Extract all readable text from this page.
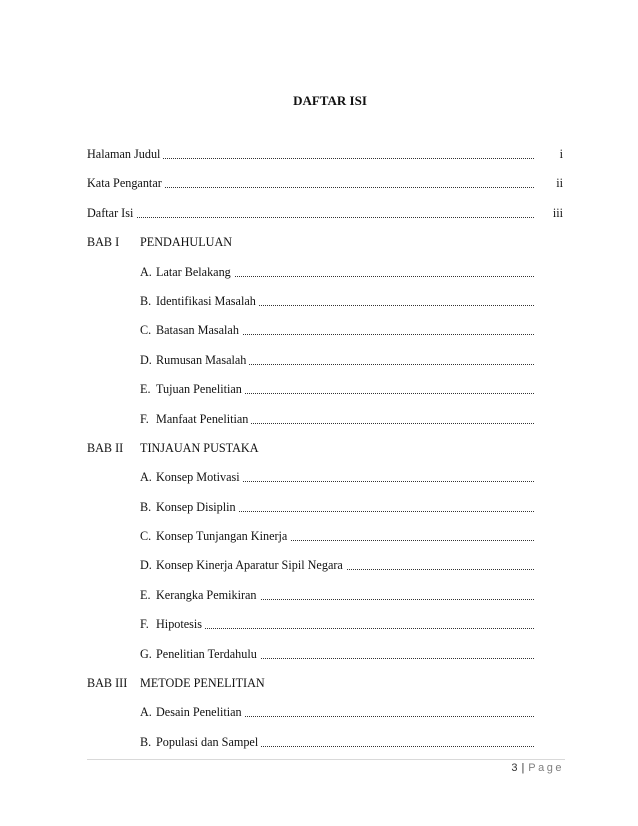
DAFTAR ISI
Halaman Judul	i
Kata Pengantar	ii
Daftar Isi	iii
BAB I PENDAHULUAN
A. Latar Belakang
B. Identifikasi Masalah
C. Batasan Masalah
D. Rumusan Masalah
E. Tujuan Penelitian
F. Manfaat Penelitian
BAB II TINJAUAN PUSTAKA
A. Konsep Motivasi
B. Konsep Disiplin
C. Konsep Tunjangan Kinerja
D. Konsep Kinerja Aparatur Sipil Negara
E. Kerangka Pemikiran
F. Hipotesis
G. Penelitian Terdahulu
BAB III METODE PENELITIAN
A. Desain Penelitian
B. Populasi dan Sampel
3 | Page
